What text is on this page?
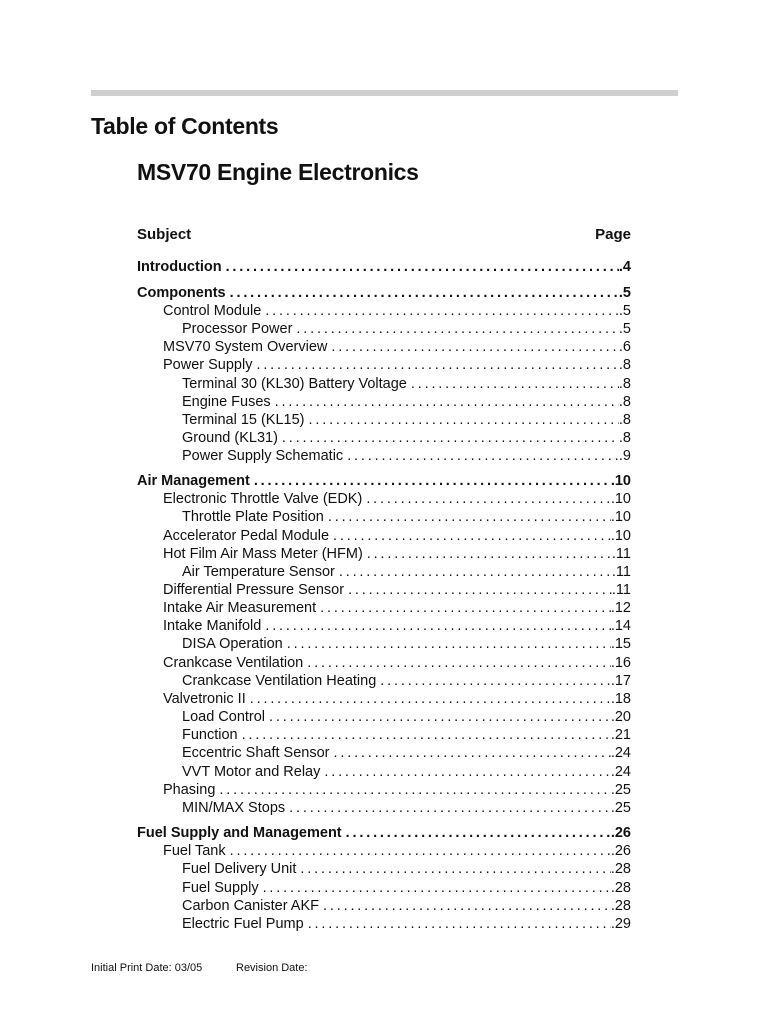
Table of Contents
MSV70 Engine Electronics
Subject	Page
Introduction . . .	.4
Components . . .	.5
Control Module . . .	.5
Processor Power . . .	.5
MSV70 System Overview . . .	.6
Power Supply . . .	.8
Terminal 30 (KL30) Battery Voltage . . .	.8
Engine Fuses . . .	.8
Terminal 15 (KL15) . . .	.8
Ground (KL31) . . .	.8
Power Supply Schematic . . .	.9
Air Management . . .	.10
Electronic Throttle Valve (EDK) . . .	.10
Throttle Plate Position . . .	.10
Accelerator Pedal Module . . .	.10
Hot Film Air Mass Meter (HFM) . . .	.11
Air Temperature Sensor . . .	.11
Differential Pressure Sensor . . .	.11
Intake Air Measurement . . .	.12
Intake Manifold . . .	.14
DISA Operation . . .	.15
Crankcase Ventilation . . .	.16
Crankcase Ventilation Heating . . .	.17
Valvetronic II . . .	.18
Load Control . . .	.20
Function . . .	.21
Eccentric Shaft Sensor . . .	.24
VVT Motor and Relay . . .	.24
Phasing . . .	.25
MIN/MAX Stops . . .	.25
Fuel Supply and Management . . .	.26
Fuel Tank . . .	.26
Fuel Delivery Unit . . .	.28
Fuel Supply . . .	.28
Carbon Canister AKF . . .	.28
Electric Fuel Pump . . .	.29
Initial Print Date: 03/05	Revision Date:
